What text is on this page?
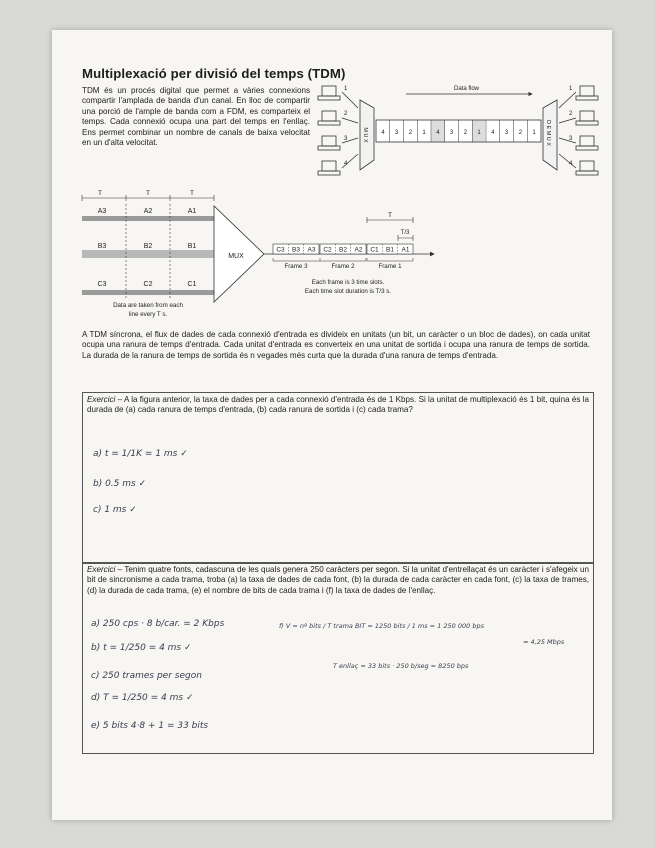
Multiplexació per divisió del temps (TDM)
TDM és un procés digital que permet a vàries connexions compartir l'amplada de banda d'un canal. En lloc de compartir una porció de l'ample de banda com a FDM, es comparteix el temps. Cada connexió ocupa una part del temps en l'enllaç. Ens permet combinar un nombre de canals de baixa velocitat en un d'alta velocitat.
1
2
3
4
M U X
Data flow
4 3 2 1 4 3 2 1 4 3 2 1 D E M U X
1
2
3
4
T	T	T
A3	A2	A1
B3	B2	B1
C3	C2	C1
Data are taken from each
line every T s.
MUX
T
T/3
C3 B3 A3 C2 B2 A2 C1 B1 A1
Frame 3	Frame 2	Frame 1
Each frame is 3 time slots.
Each time slot duration is T/3 s.
A TDM síncrona, el flux de dades de cada connexió d'entrada es divideix en unitats (un bit, un caràcter o un bloc de dades), on cada unitat ocupa una ranura de temps d'entrada. Cada unitat d'entrada es converteix en una unitat de sortida i ocupa una ranura de temps de sortida. La durada de la ranura de temps de sortida és n vegades més curta que la durada d'una ranura de temps d'entrada.
Exercici – A la figura anterior, la taxa de dades per a cada connexió d'entrada és de 1 Kbps. Si la unitat de multiplexació és 1 bit, quina és la durada de (a) cada ranura de temps d'entrada, (b) cada ranura de sortida i (c) cada trama?
a) t = 1/1K = 1 ms ✓
b) 0.5 ms ✓
c) 1 ms ✓
Exercici – Tenim quatre fonts, cadascuna de les quals genera 250 caràcters per segon. Si la unitat d'entrellaçat és un caràcter i s'afegeix un bit de sincronisme a cada trama, troba (a) la taxa de dades de cada font, (b) la durada de cada caràcter en cada font, (c) la taxa de trames, (d) la durada de cada trama, (e) el nombre de bits de cada trama i (f) la taxa de dades de l'enllaç.
a) 250 cps · 8 b/car. = 2 Kbps
b) t = 1/250 = 4 ms ✓
c) 250 trames per segon
d) T = 1/250 = 4 ms ✓
e) 5 bits 4·8 + 1 = 33 bits
f) V = nº bits / T trama BIT = 1250 bits / 1 ms = 1 250 000 bps
≈ 4,25 Mbps
T enllaç = 33 bits · 250 b/seg = 8250 bps
